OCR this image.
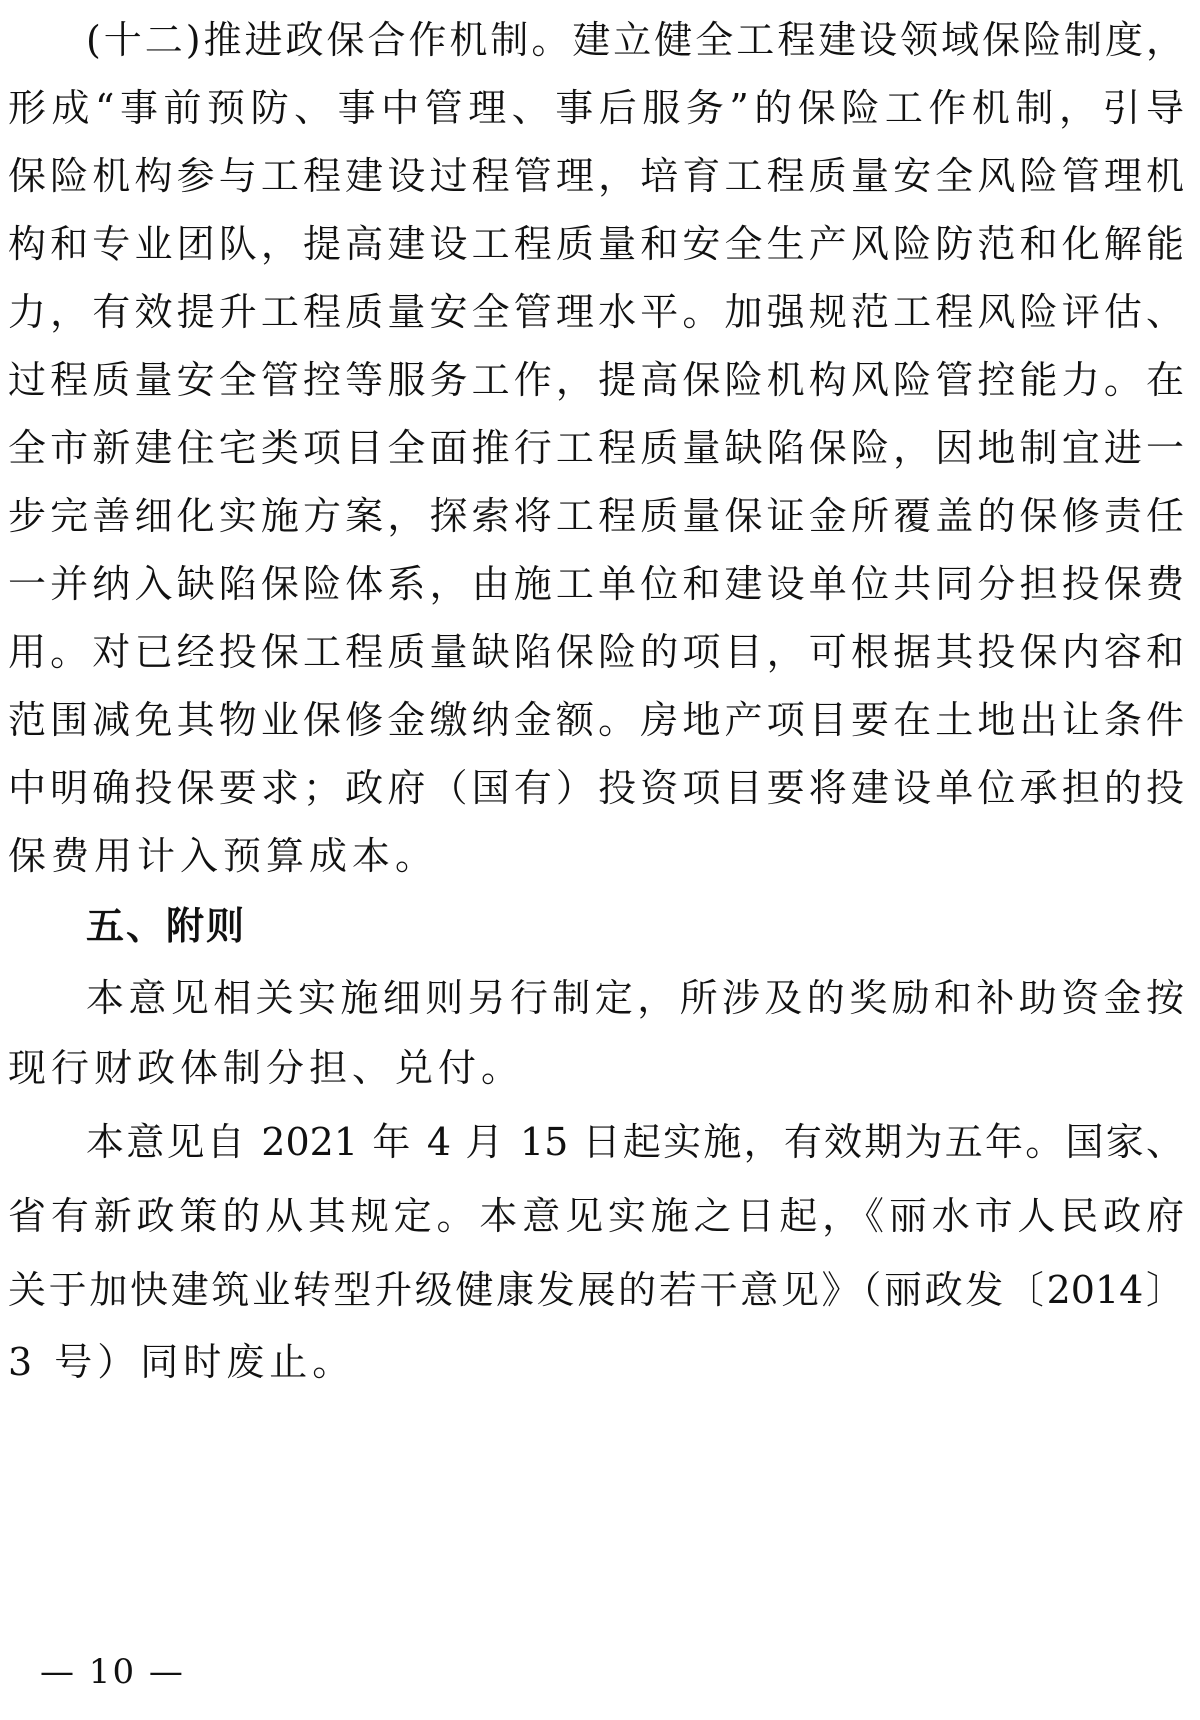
(十二)推进政保合作机制。建立健全工程建设领域保险制度，
形成“事前预防、事中管理、事后服务”的保险工作机制，引导
保险机构参与工程建设过程管理，培育工程质量安全风险管理机
构和专业团队，提高建设工程质量和安全生产风险防范和化解能
力，有效提升工程质量安全管理水平。加强规范工程风险评估、
过程质量安全管控等服务工作，提高保险机构风险管控能力。在
全市新建住宅类项目全面推行工程质量缺陷保险，因地制宜进一
步完善细化实施方案，探索将工程质量保证金所覆盖的保修责任
一并纳入缺陷保险体系，由施工单位和建设单位共同分担投保费
用。对已经投保工程质量缺陷保险的项目，可根据其投保内容和
范围减免其物业保修金缴纳金额。房地产项目要在土地出让条件
中明确投保要求；政府（国有）投资项目要将建设单位承担的投
保费用计入预算成本。
五、附则
本意见相关实施细则另行制定，所涉及的奖励和补助资金按
现行财政体制分担、兑付。
本意见自 2021 年 4 月 15 日起实施，有效期为五年。国家、
省有新政策的从其规定。本意见实施之日起，《丽水市人民政府
关于加快建筑业转型升级健康发展的若干意见》（丽政发〔2014〕
3 号）同时废止。
— 10 —
